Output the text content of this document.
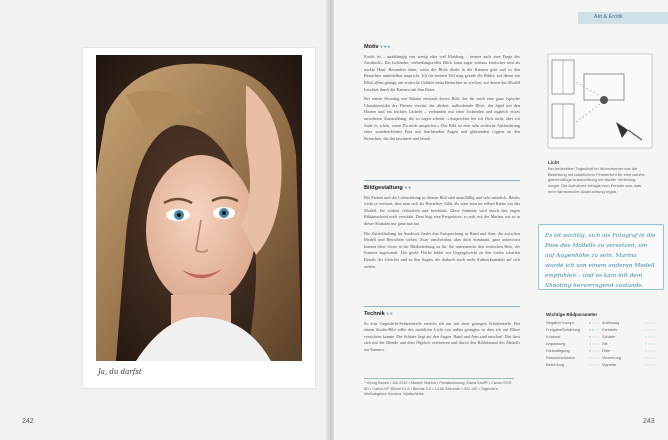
Ja, du darfst
242
Akt & Erotik
Motiv ●●●

Erotik ist – unabhängig von wenig oder viel Kleidung – immer auch eine Frage des Ausdrucks. Ein lockender, verheißungsvoller Blick kann sogar weitaus erotischer sein als nackte Haut. Besonders dann, wenn der Blick direkt in die Kamera geht und so den Betrachter unmittelbar anspricht. Ich für meinen Teil mag gerade die Bilder, auf denen ein Blick allein genügt, um erotische Gefühle beim Betrachter zu wecken, auf denen das Modell Leuchtet durch die Kamera mit ihm flirtet.

Bei einem Shooting mit Marina entstand dieses Bild, das für mich eine ganz typische Charakteristika des Flirtens vereint: der direkte, auffordernde Blick, das Spiel mit den Haaren und ein leichtes Lächeln – verbunden mit einer lockenden und zugleich etwas unsicheren Ausstrahlung, die zu sagen scheint: »Ansprechen bei ich Dich nicht, aber ich finde es schön, wenn Du mich ansprichst.« Das Bild ist eine sehr erotische Aufforderung einer wunderschönen Frau mit leuchtenden Augen und glänzenden Lippen an den Betrachter, die ihn fasziniert und fesselt.

Bildgestaltung ●●

Die Farben und die Lichtwirkung in diesem Bild sind unauffällig und sehr natürlich. Beides wirkt so vertraut, dass man sich als Betrachter fühlt, als wäre man im selben Raum wie das Modell. Sie wirken verlässlich und beschützt. Diese Intimität wird durch den engen Bildausschnitt noch verstärkt. Dem liegt eine Perspektive, so nah, mit der Marina, wir es in dieser Situation nur ganz nah tun.

Die Zurückhaltung im Ausdruck findet ihre Entsprechung in Hand und Arm, die zwischen Modell und Betrachter stehen. Zwar unscheinbar, aber doch dominant, ganz unbewusst kommt diese Geste in der Bildbeziehung zu ihr. Sie unterstreicht den erotischen Reiz, der Kamera zugewandt. Die große Fläche bildet ein Gegengewicht zu den vielen scharfen Details des Gesichts und zu den Augen, die dadurch noch mehr Aufmerksamkeit auf sich ziehen.

Technik ●●

So eine Gegenlicht-Schärfentiefe erreicht ich nur mit einer geringen Schärfentiefe. Bei einem Studio-Bild sollte das natürliche Licht von außen genügen, so dass ich auf Blitze verzichten konnte. Die Schärfe liegt auf den Augen. Hand und Arm sind unscharf. Das lässt sich mit der Blende und dem Objektiv realisieren und durch den Bildabstand des Modells zur Kamera.

* Georg Banek • Juli 2010 • Modell: Marina • Privatwohnung, Maria Kauf® • Canon EOS 5D • Canon EF 85mm f/1.8 • Blende 2.0 • 1/160 Sekunde • ISO 100 • Tageslicht, Weißabgleich Kamera, Mattscheibe
Licht
Bei bedecktem Tageslicht im Wohnzimmer war die Belichtung mit natürlichem Fensterlicht für eine weiche, gleichmäßige Ausleuchtung mit flacher Verteilung sorgte. Die Aufnahme erfolgte vom Fenster aus, was eine harmonische Ausleuchtung ergab.
Es ist wichtig, sich als Fotograf in die Pose des Modells zu versetzen, um auf Augenhöhe zu sein. Marina wurde ich von einem anderen Modell empfohlen – und es kam mit dem Shooting hervorragend zustande.
Wichtige Bildparameter
Negative Kompr.	●○○○ Auflösung	○○○○
Freigabe/Schärfung ●●○○ Farbtiefe	○○○○
Kontrast	●○○○ Schärfe	○○○○
Anpassung	○○○○ Stil	○○○○
Farbsättigung	●○○○ Filter	○○○○
Rauschreduktion	○○○○ Verzerrung	○○○○
Belichtung	○○○○ Vignette	○○○○
243
